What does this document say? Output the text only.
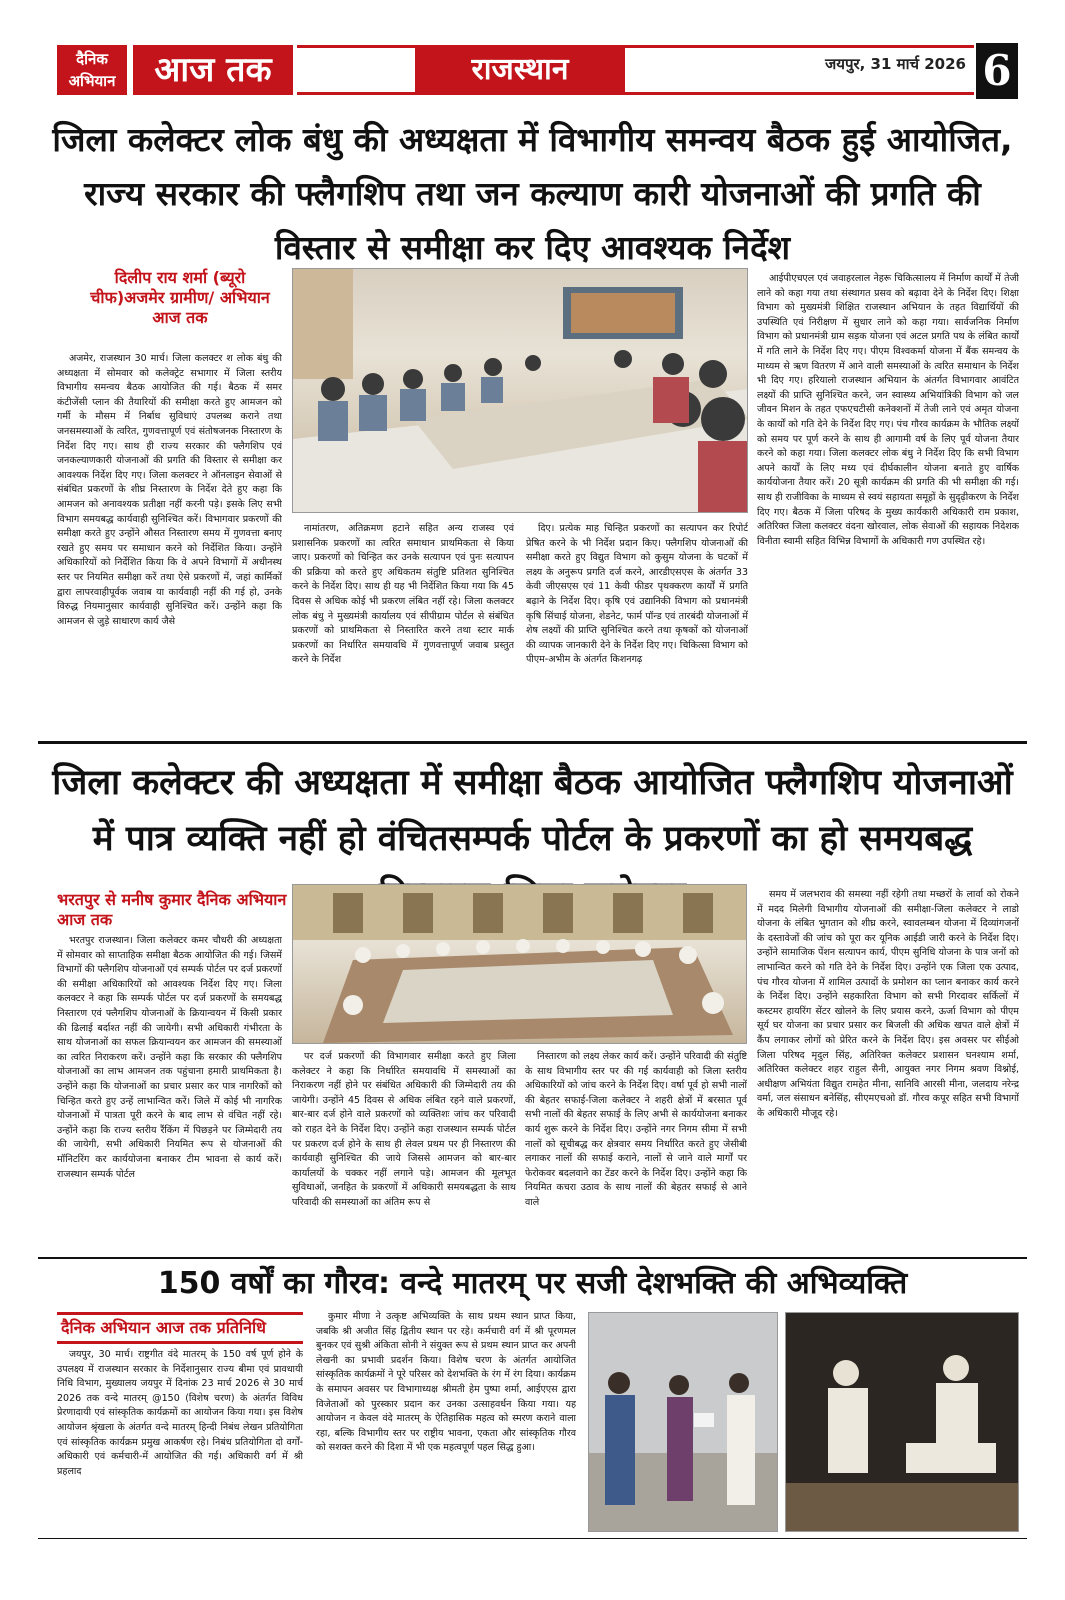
दैनिक अभियान	आज तक	राजस्थान	जयपुर, 31 मार्च 2026 6
जिला कलेक्टर लोक बंधु की अध्यक्षता में विभागीय समन्वय बैठक हुई आयोजित, राज्य सरकार की फ्लैगशिप तथा जन कल्याण कारी योजनाओं की प्रगति की विस्तार से समीक्षा कर दिए आवश्यक निर्देश
दिलीप राय शर्मा (ब्यूरो चीफ)अजमेर ग्रामीण/ अभियान आज तक

अजमेर, राजस्थान 30 मार्च। जिला कलक्टर श लोक बंधु की अध्यक्षता में सोमवार को कलेक्ट्रेट सभागार में जिला स्तरीय विभागीय समन्वय बैठक आयोजित की गई। बैठक में समर कंटीजेंसी प्लान की तैयारियों की समीक्षा करते हुए आमजन को गर्मी के मौसम में निर्बाध सुविधाएं उपलब्ध कराने तथा जनसमस्याओं के त्वरित, गुणवत्तापूर्ण एवं संतोषजनक निस्तारण के निर्देश दिए गए। साथ ही राज्य सरकार की फ्लैगशिप एवं जनकल्याणकारी योजनाओं की प्रगति की विस्तार से समीक्षा कर आवश्यक निर्देश दिए गए। जिला कलक्टर ने ऑनलाइन सेवाओं से संबंधित प्रकरणों के शीघ्र निस्तारण के निर्देश देते हुए कहा कि आमजन को अनावश्यक प्रतीक्षा नहीं करनी पड़े। इसके लिए सभी विभाग समयबद्ध कार्यवाही सुनिश्चित करें। विभागवार प्रकरणों की समीक्षा करते हुए उन्होंने औसत निस्तारण समय में गुणवत्ता बनाए रखते हुए समय पर समाधान करने को निर्देशित किया। उन्होंने अधिकारियों को निर्देशित किया कि वे अपने विभागों में अधीनस्थ स्तर पर नियमित समीक्षा करें तथा ऐसे प्रकरणों में, जहां कार्मिकों द्वारा लापरवाहीपूर्वक जवाब या कार्यवाही नहीं की गई हो, उनके विरुद्ध नियमानुसार कार्यवाही सुनिश्चित करें। उन्होंने कहा कि आमजन से जुड़े साधारण कार्य जैसे

नामांतरण, अतिक्रमण हटाने सहित अन्य राजस्व एवं प्रशासनिक प्रकरणों का त्वरित समाधान प्राथमिकता से किया जाए। प्रकरणों को चिन्हित कर उनके सत्यापन एवं पुनः सत्यापन की प्रक्रिया को करते हुए अधिकतम संतुष्टि प्रतिशत सुनिश्चित करने के निर्देश दिए। साथ ही यह भी निर्देशित किया गया कि 45 दिवस से अधिक कोई भी प्रकरण लंबित नहीं रहे। जिला कलक्टर लोक बंधु ने मुख्यमंत्री कार्यालय एवं सीपीग्राम पोर्टल से संबंधित प्रकरणों को प्राथमिकता से निस्तारित करने तथा स्टार मार्क प्रकरणों का निर्धारित समयावधि में गुणवत्तापूर्ण जवाब प्रस्तुत करने के निर्देश

दिए। प्रत्येक माह चिन्हित प्रकरणों का सत्यापन कर रिपोर्ट प्रेषित करने के भी निर्देश प्रदान किए। फ्लैगशिप योजनाओं की समीक्षा करते हुए विद्युत विभाग को कुसुम योजना के घटकों में लक्ष्य के अनुरूप प्रगति दर्ज करने, आरडीएसएस के अंतर्गत 33 केवी जीएसएस एवं 11 केवी फीडर पृथक्करण कार्यों में प्रगति बढ़ाने के निर्देश दिए। कृषि एवं उद्यानिकी विभाग को प्रधानमंत्री कृषि सिंचाई योजना, शेडनेट, फार्म पॉन्ड एवं तारबंदी योजनाओं में शेष लक्ष्यों की प्राप्ति सुनिश्चित करने तथा कृषकों को योजनाओं की व्यापक जानकारी देने के निर्देश दिए गए। चिकित्सा विभाग को पीएम-अभीम के अंतर्गत किशनगढ़

आईपीएचएल एवं जवाहरलाल नेहरू चिकित्सालय में निर्माण कार्यों में तेजी लाने को कहा गया तथा संस्थागत प्रसव को बढ़ावा देने के निर्देश दिए। शिक्षा विभाग को मुख्यमंत्री शिक्षित राजस्थान अभियान के तहत विद्यार्थियों की उपस्थिति एवं निरीक्षण में सुधार लाने को कहा गया। सार्वजनिक निर्माण विभाग को प्रधानमंत्री ग्राम सड़क योजना एवं अटल प्रगति पथ के लंबित कार्यों में गति लाने के निर्देश दिए गए। पीएम विश्वकर्मा योजना में बैंक समन्वय के माध्यम से ऋण वितरण में आने वाली समस्याओं के त्वरित समाधान के निर्देश भी दिए गए। हरियालो राजस्थान अभियान के अंतर्गत विभागवार आवंटित लक्ष्यों की प्राप्ति सुनिश्चित करने, जन स्वास्थ्य अभियांत्रिकी विभाग को जल जीवन मिशन के तहत एफएचटीसी कनेक्शनों में तेजी लाने एवं अमृत योजना के कार्यों को गति देने के निर्देश दिए गए। पंच गौरव कार्यक्रम के भौतिक लक्ष्यों को समय पर पूर्ण करने के साथ ही आगामी वर्ष के लिए पूर्व योजना तैयार करने को कहा गया। जिला कलक्टर लोक बंधु ने निर्देश दिए कि सभी विभाग अपने कार्यों के लिए मध्य एवं दीर्घकालीन योजना बनाते हुए वार्षिक कार्ययोजना तैयार करें। 20 सूत्री कार्यक्रम की प्रगति की भी समीक्षा की गई। साथ ही राजीविका के माध्यम से स्वयं सहायता समूहों के सुदृढ़ीकरण के निर्देश दिए गए। बैठक में जिला परिषद के मुख्य कार्यकारी अधिकारी राम प्रकाश, अतिरिक्त जिला कलक्टर वंदना खोरवाल, लोक सेवाओं की सहायक निदेशक विनीता स्वामी सहित विभिन्न विभागों के अधिकारी गण उपस्थित रहे।

जिला कलेक्टर की अध्यक्षता में समीक्षा बैठक आयोजित फ्लैगशिप योजनाओं में पात्र व्यक्ति नहीं हो वंचितसम्पर्क पोर्टल के प्रकरणों का हो समयबद्ध
भरतपुर से मनीष कुमार दैनिक अभियान आज तक

भरतपुर राजस्थान। जिला कलेक्टर कमर चौधरी की अध्यक्षता में सोमवार को साप्ताहिक समीक्षा बैठक आयोजित की गई। जिसमें विभागों की फ्लैगशिप योजनाओं एवं सम्पर्क पोर्टल पर दर्ज प्रकरणों की समीक्षा अधिकारियों को आवश्यक निर्देश दिए गए। जिला कलक्टर ने कहा कि सम्पर्क पोर्टल पर दर्ज प्रकरणों के समयबद्ध निस्तारण एवं फ्लैगशिप योजनाओं के क्रियान्वयन में किसी प्रकार की ढिलाई बर्दाश्त नहीं की जायेगी। सभी अधिकारी गंभीरता के साथ योजनाओं का सफल क्रियान्वयन कर आमजन की समस्याओं का त्वरित निराकरण करें। उन्होंने कहा कि सरकार की फ्लैगशिप योजनाओं का लाभ आमजन तक पहुंचाना हमारी प्राथमिकता है। उन्होंने कहा कि योजनाओं का प्रचार प्रसार कर पात्र नागरिकों को चिन्हित करते हुए उन्हें लाभान्वित करें। जिले में कोई भी नागरिक योजनाओं में पात्रता पूरी करने के बाद लाभ से वंचित नहीं रहे। उन्होंने कहा कि राज्य स्तरीय रैंकिंग में पिछड़ने पर जिम्मेदारी तय की जायेगी, सभी अधिकारी नियमित रूप से योजनाओं की मॉनिटरिंग कर कार्ययोजना बनाकर टीम भावना से कार्य करें। राजस्थान सम्पर्क पोर्टल

पर दर्ज प्रकरणों की विभागवार समीक्षा करते हुए जिला कलेक्टर ने कहा कि निर्धारित समयावधि में समस्याओं का निराकरण नहीं होने पर संबंधित अधिकारी की जिम्मेदारी तय की जायेगी। उन्होंने 45 दिवस से अधिक लंबित रहने वाले प्रकरणों, बार-बार दर्ज होने वाले प्रकरणों को व्यक्तिशः जांच कर परिवादी को राहत देने के निर्देश दिए। उन्होंने कहा राजस्थान सम्पर्क पोर्टल पर प्रकरण दर्ज होने के साथ ही लेवल प्रथम पर ही निस्तारण की कार्यवाही सुनिश्चित की जाये जिससे आमजन को बार-बार कार्यालयों के चक्कर नहीं लगाने पड़े। आमजन की मूलभूत सुविधाओं, जनहित के प्रकरणों में अधिकारी समयबद्धता के साथ परिवादी की समस्याओं का अंतिम रूप से

निस्तारण को लक्ष्य लेकर कार्य करें। उन्होंने परिवादी की संतुष्टि के साथ विभागीय स्तर पर की गई कार्यवाही को जिला स्तरीय अधिकारियों को जांच करने के निर्देश दिए। वर्षा पूर्व हो सभी नालों की बेहतर सफाई-जिला कलेक्टर ने शहरी क्षेत्रों में बरसात पूर्व सभी नालों की बेहतर सफाई के लिए अभी से कार्ययोजना बनाकर कार्य शुरू करने के निर्देश दिए। उन्होंने नगर निगम सीमा में सभी नालों को सूचीबद्ध कर क्षेत्रवार समय निर्धारित करते हुए जेसीबी लगाकर नालों की सफाई कराने, नालों से जाने वाले मार्गों पर फेरोकवर बदलवाने का टेंडर करने के निर्देश दिए। उन्होंने कहा कि नियमित कचरा उठाव के साथ नालों की बेहतर सफाई से आने वाले

समय में जलभराव की समस्या नहीं रहेगी तथा मच्छरों के लार्वा को रोकने में मदद मिलेगी विभागीय योजनाओं की समीक्षा-जिला कलेक्टर ने लाडो योजना के लंबित भुगतान को शीघ्र करने, स्वावलम्बन योजना में दिव्यांगजनों के दस्तावेजों की जांच को पूरा कर यूनिक आईडी जारी करने के निर्देश दिए। उन्होंने सामाजिक पेंशन सत्यापन कार्य, पीएम सुनिधि योजना के पात्र जनों को लाभान्वित करने को गति देने के निर्देश दिए। उन्होंने एक जिला एक उत्पाद, पंच गौरव योजना में शामिल उत्पादों के प्रमोशन का प्लान बनाकर कार्य करने के निर्देश दिए। उन्होंने सहकारिता विभाग को सभी गिरदावर सर्किलों में कस्टमर हायरिंग सेंटर खोलने के लिए प्रयास करने, ऊर्जा विभाग को पीएम सूर्य घर योजना का प्रचार प्रसार कर बिजली की अधिक खपत वाले क्षेत्रों में कैंप लगाकर लोगों को प्रेरित करने के निर्देश दिए। इस अवसर पर सीईओ जिला परिषद मृदुल सिंह, अतिरिक्त कलेक्टर प्रशासन घनश्याम शर्मा, अतिरिक्त कलेक्टर शहर राहुल सैनी, आयुक्त नगर निगम श्रवण विश्नोई, अधीक्षण अभियंता विद्युत रामहेत मीना, सानिवि आरसी मीना, जलदाय नरेन्द्र वर्मा, जल संसाधन बनेसिंह, सीएमएचओ डॉ. गौरव कपूर सहित सभी विभागों के अधिकारी मौजूद रहे।

150 वर्षों का गौरव: वन्दे मातरम् पर सजी देशभक्ति की अभिव्यक्ति
दैनिक अभियान आज तक प्रतिनिधि

जयपुर, 30 मार्च। राष्ट्रगीत वंदे मातरम् के 150 वर्ष पूर्ण होने के उपलक्ष्य में राजस्थान सरकार के निर्देशानुसार राज्य बीमा एवं प्रावधायी निधि विभाग, मुख्यालय जयपुर में दिनांक 23 मार्च 2026 से 30 मार्च 2026 तक वन्दे मातरम् @150 (विशेष चरण) के अंतर्गत विविध प्रेरणादायी एवं सांस्कृतिक कार्यक्रमों का आयोजन किया गया। इस विशेष आयोजन श्रृंखला के अंतर्गत वन्दे मातरम् हिन्दी निबंध लेखन प्रतियोगिता एवं सांस्कृतिक कार्यक्रम प्रमुख आकर्षण रहे। निबंध प्रतियोगिता दो वर्गों-अधिकारी एवं कर्मचारी-में आयोजित की गई। अधिकारी वर्ग में श्री प्रहलाद

कुमार मीणा ने उत्कृष्ट अभिव्यक्ति के साथ प्रथम स्थान प्राप्त किया, जबकि श्री अजीत सिंह द्वितीय स्थान पर रहे। कर्मचारी वर्ग में श्री पूरणमल बुनकर एवं सुश्री अंकिता सोनी ने संयुक्त रूप से प्रथम स्थान प्राप्त कर अपनी लेखनी का प्रभावी प्रदर्शन किया। विशेष चरण के अंतर्गत आयोजित सांस्कृतिक कार्यक्रमों ने पूरे परिसर को देशभक्ति के रंग में रंग दिया। कार्यक्रम के समापन अवसर पर विभागाध्यक्ष श्रीमती हेम पुष्पा शर्मा, आईएएस द्वारा विजेताओं को पुरस्कार प्रदान कर उनका उत्साहवर्धन किया गया। यह आयोजन न केवल वंदे मातरम् के ऐतिहासिक महत्व को स्मरण कराने वाला रहा, बल्कि विभागीय स्तर पर राष्ट्रीय भावना, एकता और सांस्कृतिक गौरव को सशक्त करने की दिशा में भी एक महत्वपूर्ण पहल सिद्ध हुआ।
